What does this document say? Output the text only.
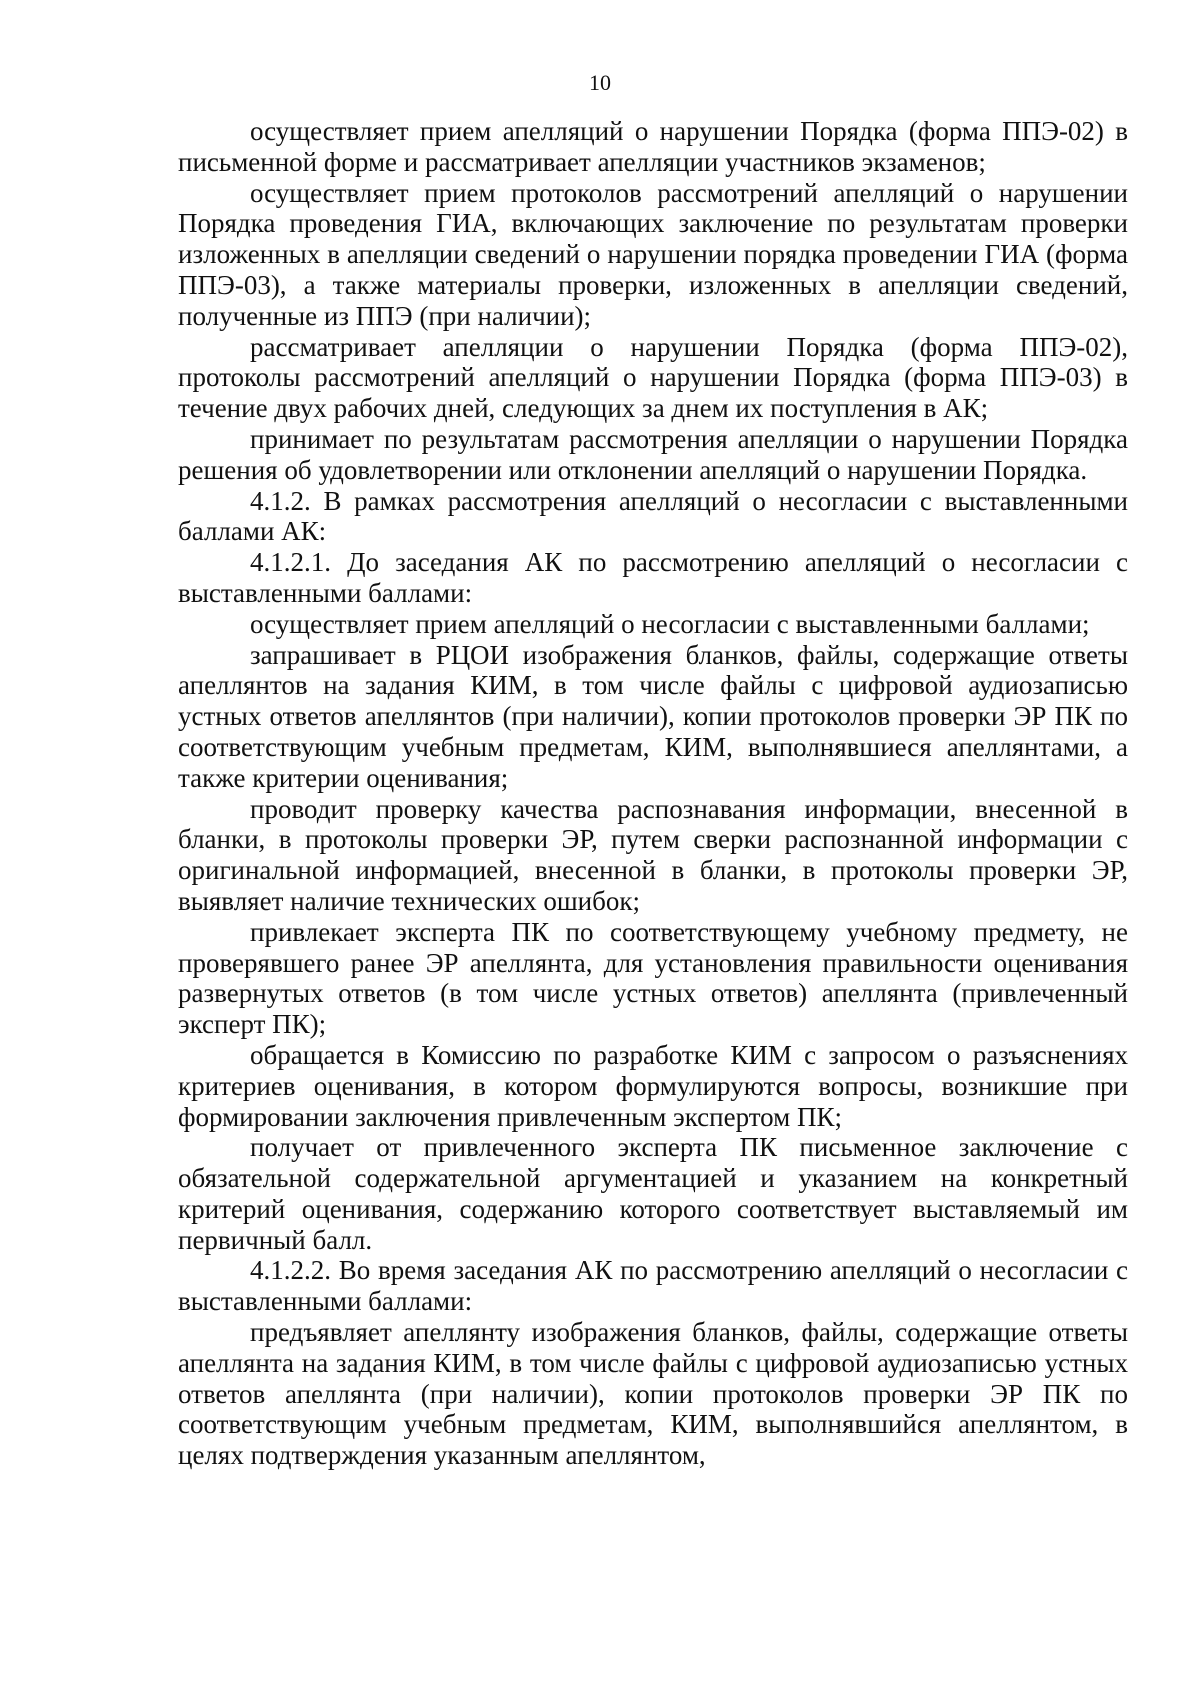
10

осуществляет прием апелляций о нарушении Порядка (форма ППЭ-02) в письменной форме и рассматривает апелляции участников экзаменов;

осуществляет прием протоколов рассмотрений апелляций о нарушении Порядка проведения ГИА, включающих заключение по результатам проверки изложенных в апелляции сведений о нарушении порядка проведении ГИА (форма ППЭ-03), а также материалы проверки, изложенных в апелляции сведений, полученные из ППЭ (при наличии);

рассматривает апелляции о нарушении Порядка (форма ППЭ-02), протоколы рассмотрений апелляций о нарушении Порядка (форма ППЭ-03) в течение двух рабочих дней, следующих за днем их поступления в АК;

принимает по результатам рассмотрения апелляции о нарушении Порядка решения об удовлетворении или отклонении апелляций о нарушении Порядка.

4.1.2. В рамках рассмотрения апелляций о несогласии с выставленными баллами АК:

4.1.2.1. До заседания АК по рассмотрению апелляций о несогласии с выставленными баллами:

осуществляет прием апелляций о несогласии с выставленными баллами;

запрашивает в РЦОИ изображения бланков, файлы, содержащие ответы апеллянтов на задания КИМ, в том числе файлы с цифровой аудиозаписью устных ответов апеллянтов (при наличии), копии протоколов проверки ЭР ПК по соответствующим учебным предметам, КИМ, выполнявшиеся апеллянтами, а также критерии оценивания;

проводит проверку качества распознавания информации, внесенной в бланки, в протоколы проверки ЭР, путем сверки распознанной информации с оригинальной информацией, внесенной в бланки, в протоколы проверки ЭР, выявляет наличие технических ошибок;

привлекает эксперта ПК по соответствующему учебному предмету, не проверявшего ранее ЭР апеллянта, для установления правильности оценивания развернутых ответов (в том числе устных ответов) апеллянта (привлеченный эксперт ПК);

обращается в Комиссию по разработке КИМ с запросом о разъяснениях критериев оценивания, в котором формулируются вопросы, возникшие при формировании заключения привлеченным экспертом ПК;

получает от привлеченного эксперта ПК письменное заключение с обязательной содержательной аргументацией и указанием на конкретный критерий оценивания, содержанию которого соответствует выставляемый им первичный балл.

4.1.2.2. Во время заседания АК по рассмотрению апелляций о несогласии с выставленными баллами:

предъявляет апеллянту изображения бланков, файлы, содержащие ответы апеллянта на задания КИМ, в том числе файлы с цифровой аудиозаписью устных ответов апеллянта (при наличии), копии протоколов проверки ЭР ПК по соответствующим учебным предметам, КИМ, выполнявшийся апеллянтом, в целях подтверждения указанным апеллянтом,
